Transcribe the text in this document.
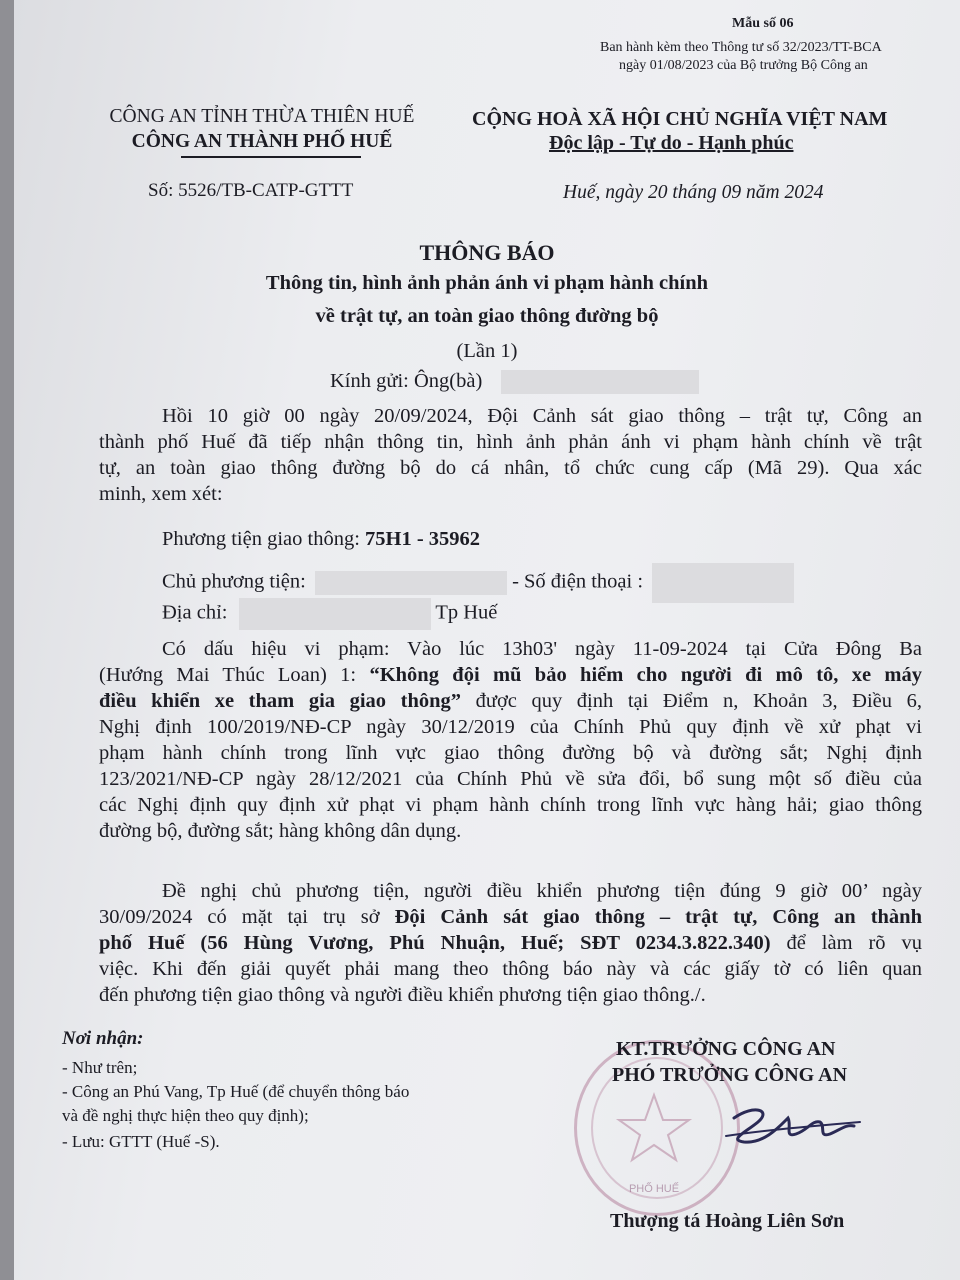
Mẫu số 06
Ban hành kèm theo Thông tư số 32/2023/TT-BCA
ngày 01/08/2023 của Bộ trưởng Bộ Công an
CÔNG AN TỈNH THỪA THIÊN HUẾ
CÔNG AN THÀNH PHỐ HUẾ
Số: 5526/TB-CATP-GTTT
CỘNG HOÀ XÃ HỘI CHỦ NGHĨA VIỆT NAM
Độc lập - Tự do - Hạnh phúc
Huế, ngày 20 tháng 09 năm 2024
THÔNG BÁO
Thông tin, hình ảnh phản ánh vi phạm hành chính
về trật tự, an toàn giao thông đường bộ
(Lần 1)
Kính gửi: Ông(bà)
Hồi 10 giờ 00 ngày 20/09/2024, Đội Cảnh sát giao thông – trật tự, Công an
thành phố Huế đã tiếp nhận thông tin, hình ảnh phản ánh vi phạm hành chính về trật
tự, an toàn giao thông đường bộ do cá nhân, tổ chức cung cấp (Mã 29). Qua xác
minh, xem xét:
Phương tiện giao thông: 75H1 - 35962
Chủ phương tiện:	- Số điện thoại :
Địa chỉ:	Tp Huế
Có dấu hiệu vi phạm: Vào lúc 13h03' ngày 11-09-2024 tại Cửa Đông Ba
(Hướng Mai Thúc Loan) 1: “Không đội mũ bảo hiểm cho người đi mô tô, xe máy
điều khiển xe tham gia giao thông” được quy định tại Điểm n, Khoản 3, Điều 6,
Nghị định 100/2019/NĐ-CP ngày 30/12/2019 của Chính Phủ quy định về xử phạt vi
phạm hành chính trong lĩnh vực giao thông đường bộ và đường sắt; Nghị định
123/2021/NĐ-CP ngày 28/12/2021 của Chính Phủ về sửa đổi, bổ sung một số điều của
các Nghị định quy định xử phạt vi phạm hành chính trong lĩnh vực hàng hải; giao thông
đường bộ, đường sắt; hàng không dân dụng.
Đề nghị chủ phương tiện, người điều khiển phương tiện đúng 9 giờ 00’ ngày
30/09/2024 có mặt tại trụ sở Đội Cảnh sát giao thông – trật tự, Công an thành
phố Huế (56 Hùng Vương, Phú Nhuận, Huế; SĐT 0234.3.822.340) để làm rõ vụ
việc. Khi đến giải quyết phải mang theo thông báo này và các giấy tờ có liên quan
đến phương tiện giao thông và người điều khiển phương tiện giao thông./.
Nơi nhận:
- Như trên;
- Công an Phú Vang, Tp Huế (để chuyển thông báo
và đề nghị thực hiện theo quy định);
- Lưu: GTTT (Huế -S).
PHỐ HUẾ
KT.TRƯỞNG CÔNG AN
PHÓ TRƯỞNG CÔNG AN
Thượng tá Hoàng Liên Sơn
